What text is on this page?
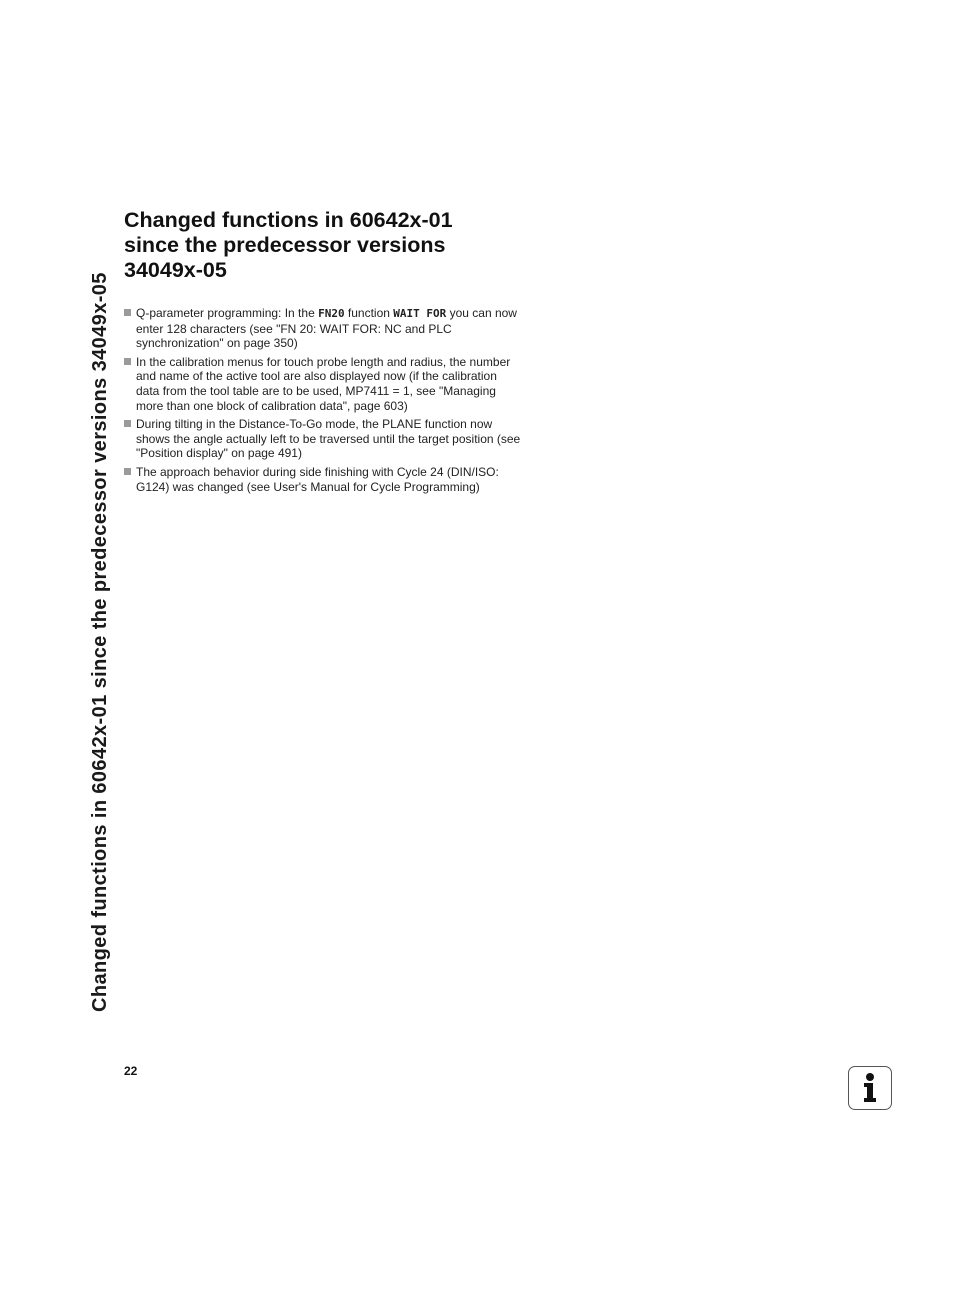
Changed functions in 60642x-01 since the predecessor versions 34049x-05
Changed functions in 60642x-01
since the predecessor versions
34049x-05
Q-parameter programming: In the FN20 function WAIT FOR you can now enter 128 characters (see "FN 20: WAIT FOR: NC and PLC synchronization" on page 350)
In the calibration menus for touch probe length and radius, the number and name of the active tool are also displayed now (if the calibration data from the tool table are to be used, MP7411 = 1, see "Managing more than one block of calibration data", page 603)
During tilting in the Distance-To-Go mode, the PLANE function now shows the angle actually left to be traversed until the target position (see "Position display" on page 491)
The approach behavior during side finishing with Cycle 24 (DIN/ISO: G124) was changed (see User's Manual for Cycle Programming)
22
